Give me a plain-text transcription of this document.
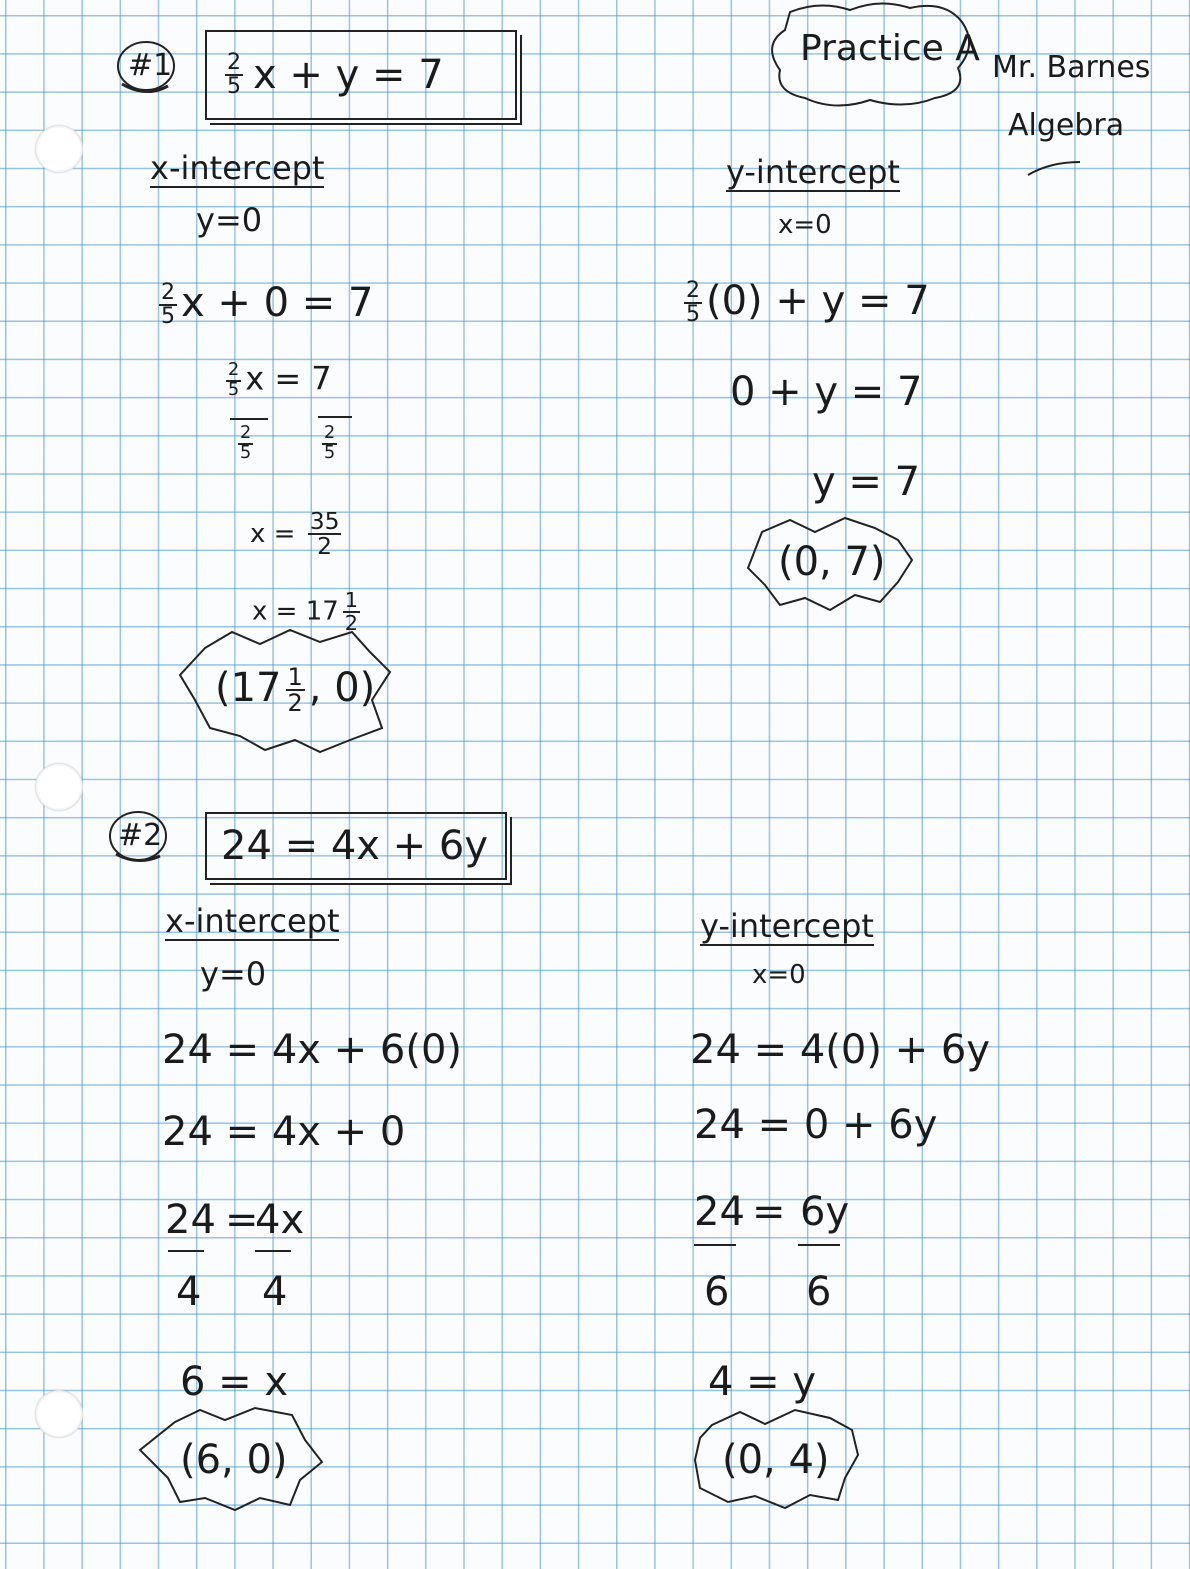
Practice A Mr. Barnes
Algebra
#1 $\frac{2}{5}$ x + y = 7
x-intercept
y=0
$\frac{2}{5}$ x + 0 = 7
$\frac{2}{5}$ x = 7
$\frac{2}{5}$	$\frac{2}{5}$
$x = \frac{35}{2}$
$x = 17 \frac{1}{2}$
($17 \frac{1}{2}$ , 0)
y-intercept
x=0
$\frac{2}{5} (0) + y = 7$
0 + y = 7
y = 7
(0, 7)
#2	24 = 4x + 6y
x-intercept
y=0
24 = 4x + 6(0)
24 = 4x + 0
24 =
4x
4 4
6 = x
(6, 0)
y-intercept
x=0
24 = 4(0) + 6y
24 = 0 + 6y
24 = 6y
6 6
4 = y
(0, 4)
